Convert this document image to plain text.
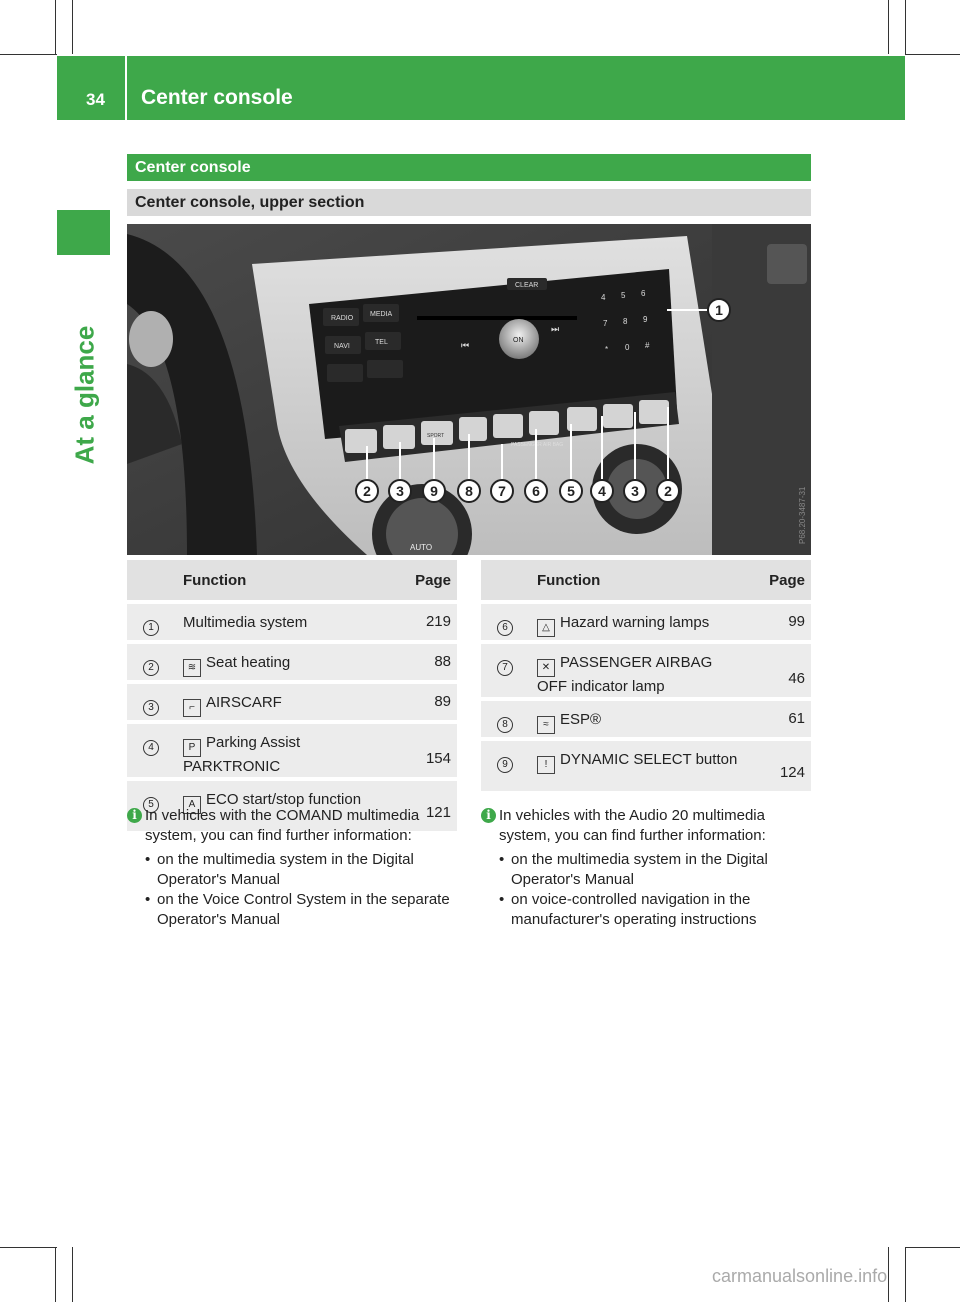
34 Center console
At a glance
Center console
Center console, upper section
RADIO
MEDIA
NAVI
TEL
CLEAR
ON
⏮
⏭
1 2 3
4 5 6
7 8 9
* 0 #
SPORT
PASSENGER AIR BAG
AUTO
2 3 9 8 7 6 5 4 3 2
1
P68.20-3487-31
	Function	Page
1	Multimedia system	219
2	≋ Seat heating	88
3	⌐ AIRSCARF	89
4	P Parking Assist PARKTRONIC	154
5	A ECO start/stop function	121
	Function	Page
6	△ Hazard warning lamps	99
7	✕ PASSENGER AIRBAG OFF indicator lamp	46
8	≈ ESP®	61
9	! DYNAMIC SELECT button	124
i In vehicles with the COMAND multimedia system, you can find further information:
• on the multimedia system in the Digital Operator's Manual
• on the Voice Control System in the separate Operator's Manual
i In vehicles with the Audio 20 multimedia system, you can find further information:
• on the multimedia system in the Digital Operator's Manual
• on voice-controlled navigation in the manufacturer's operating instructions
carmanualsonline.info
